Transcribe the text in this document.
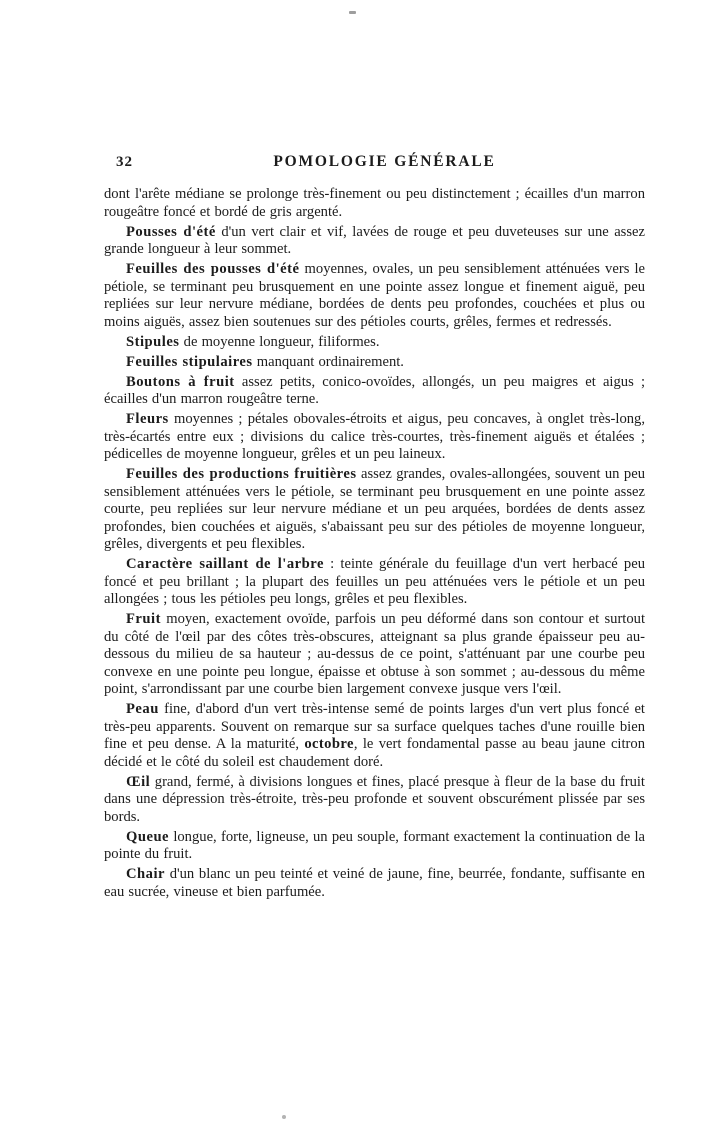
32	POMOLOGIE GÉNÉRALE

dont l'arête médiane se prolonge très-finement ou peu distinctement ; écailles d'un marron rougeâtre foncé et bordé de gris argenté.

Pousses d'été d'un vert clair et vif, lavées de rouge et peu duveteuses sur une assez grande longueur à leur sommet.

Feuilles des pousses d'été moyennes, ovales, un peu sensiblement atténuées vers le pétiole, se terminant peu brusquement en une pointe assez longue et finement aiguë, peu repliées sur leur nervure médiane, bordées de dents peu profondes, couchées et plus ou moins aiguës, assez bien soutenues sur des pétioles courts, grêles, fermes et redressés.

Stipules de moyenne longueur, filiformes.

Feuilles stipulaires manquant ordinairement.

Boutons à fruit assez petits, conico-ovoïdes, allongés, un peu maigres et aigus ; écailles d'un marron rougeâtre terne.

Fleurs moyennes ; pétales obovales-étroits et aigus, peu concaves, à onglet très-long, très-écartés entre eux ; divisions du calice très-courtes, très-finement aiguës et étalées ; pédicelles de moyenne longueur, grêles et un peu laineux.

Feuilles des productions fruitières assez grandes, ovales-allongées, souvent un peu sensiblement atténuées vers le pétiole, se terminant peu brusquement en une pointe assez courte, peu repliées sur leur nervure médiane et un peu arquées, bordées de dents assez profondes, bien couchées et aiguës, s'abaissant peu sur des pétioles de moyenne longueur, grêles, divergents et peu flexibles.

Caractère saillant de l'arbre : teinte générale du feuillage d'un vert herbacé peu foncé et peu brillant ; la plupart des feuilles un peu atténuées vers le pétiole et un peu allongées ; tous les pétioles peu longs, grêles et peu flexibles.

Fruit moyen, exactement ovoïde, parfois un peu déformé dans son contour et surtout du côté de l'œil par des côtes très-obscures, atteignant sa plus grande épaisseur peu au-dessous du milieu de sa hauteur ; au-dessus de ce point, s'atténuant par une courbe peu convexe en une pointe peu longue, épaisse et obtuse à son sommet ; au-dessous du même point, s'arrondissant par une courbe bien largement convexe jusque vers l'œil.

Peau fine, d'abord d'un vert très-intense semé de points larges d'un vert plus foncé et très-peu apparents. Souvent on remarque sur sa surface quelques taches d'une rouille bien fine et peu dense. A la maturité, octobre, le vert fondamental passe au beau jaune citron décidé et le côté du soleil est chaudement doré.

Œil grand, fermé, à divisions longues et fines, placé presque à fleur de la base du fruit dans une dépression très-étroite, très-peu profonde et souvent obscurément plissée par ses bords.

Queue longue, forte, ligneuse, un peu souple, formant exactement la continuation de la pointe du fruit.

Chair d'un blanc un peu teinté et veiné de jaune, fine, beurrée, fondante, suffisante en eau sucrée, vineuse et bien parfumée.
